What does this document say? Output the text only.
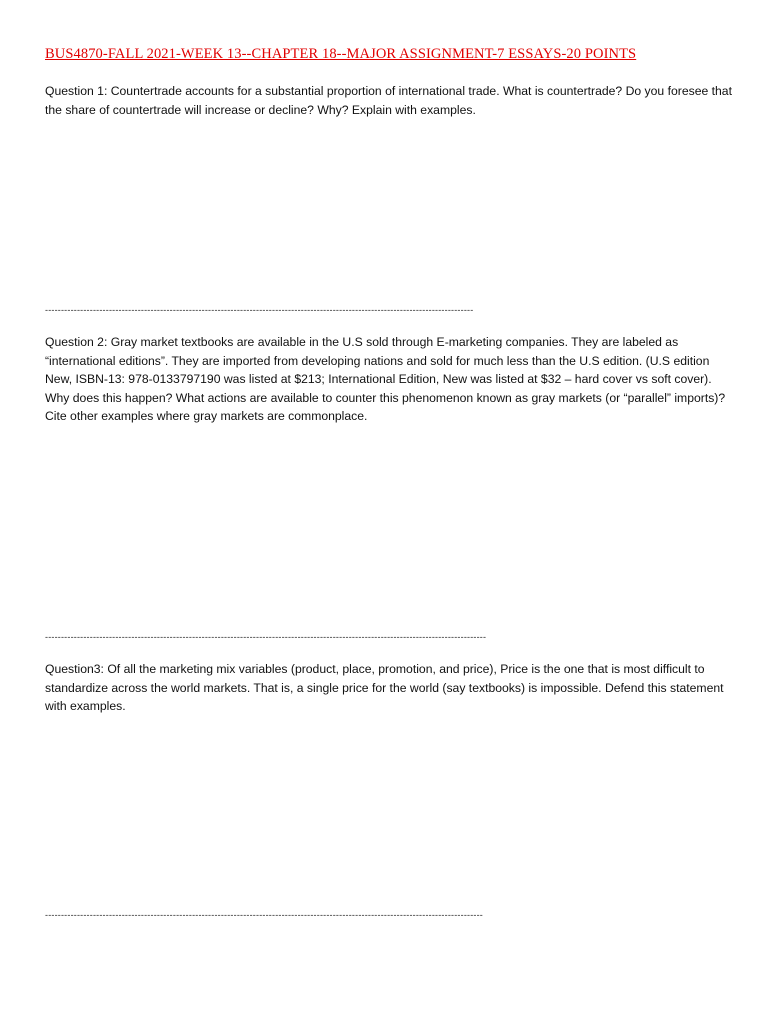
BUS4870-FALL 2021-WEEK 13--CHAPTER 18--MAJOR ASSIGNMENT-7 ESSAYS-20 POINTS
Question 1: Countertrade accounts for a substantial proportion of international trade. What is countertrade? Do you foresee that the share of countertrade will increase or decline? Why? Explain with examples.
--------------------------------------------------------------------------------------------------------------------------------------
Question 2: Gray market textbooks are available in the U.S sold through E-marketing companies. They are labeled as “international editions”. They are imported from developing nations and sold for much less than the U.S edition. (U.S edition New, ISBN-13: 978-0133797190 was listed at $213; International Edition, New was listed at $32 – hard cover vs soft cover). Why does this happen? What actions are available to counter this phenomenon known as gray markets (or “parallel” imports)? Cite other examples where gray markets are commonplace.
------------------------------------------------------------------------------------------------------------------------------------------
Question3: Of all the marketing mix variables (product, place, promotion, and price), Price is the one that is most difficult to standardize across the world markets. That is, a single price for the world (say textbooks) is impossible. Defend this statement with examples.
-----------------------------------------------------------------------------------------------------------------------------------------
